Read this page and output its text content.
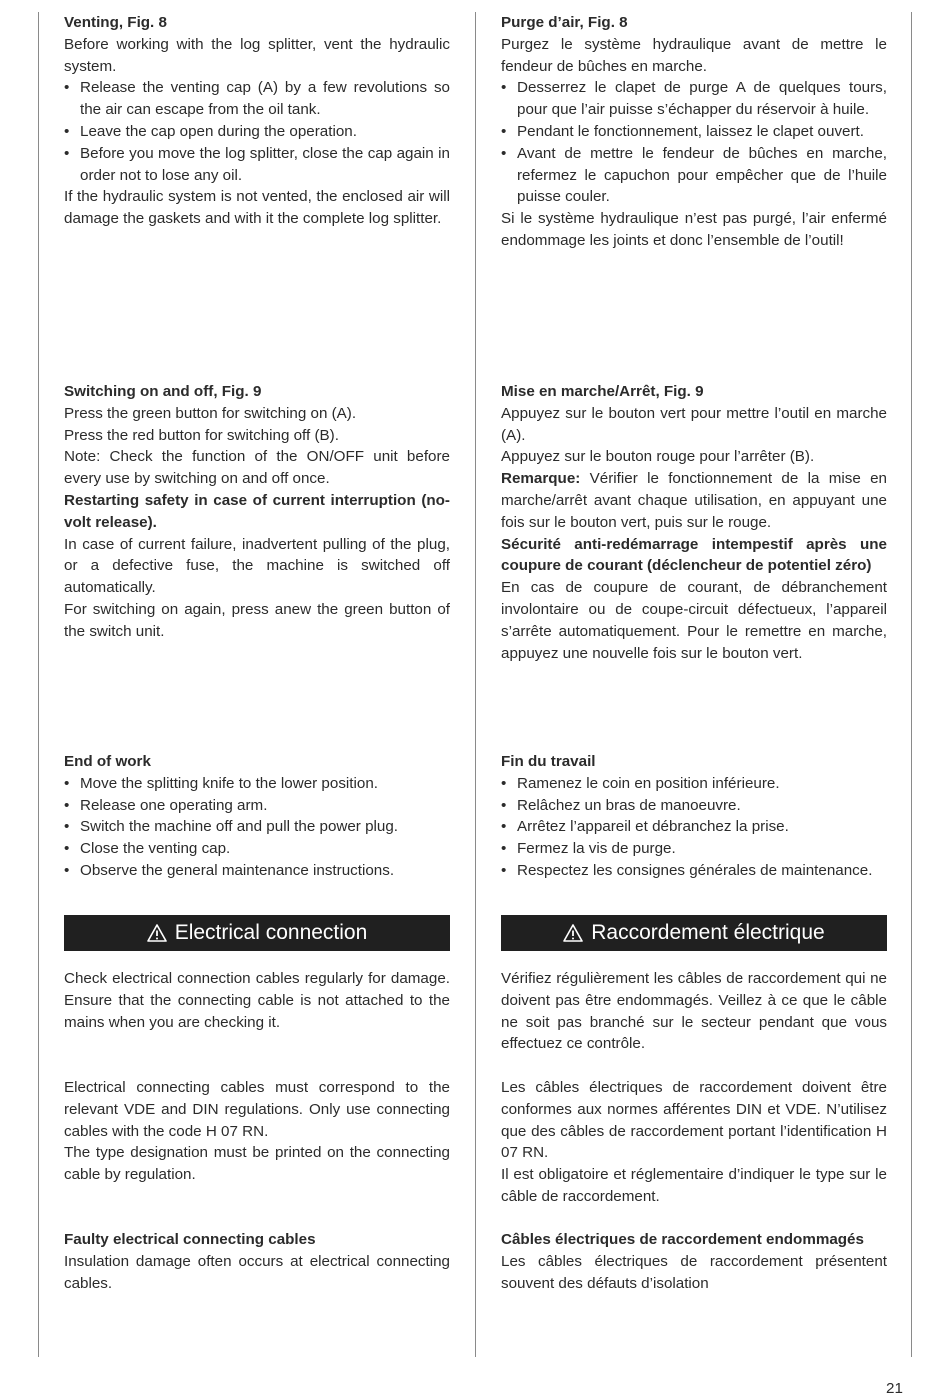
Venting, Fig. 8
Before working with the log splitter, vent the hydraulic system.
• Release the venting cap (A) by a few revolutions so the air can escape from the oil tank.
• Leave the cap open during the operation.
• Before you move the log splitter, close the cap again in order not to lose any oil.
If the hydraulic system is not vented, the enclosed air will damage the gaskets and with it the complete log splitter.
Switching on and off, Fig. 9
Press the green button for switching on (A).
Press the red button for switching off (B).
Note: Check the function of the ON/OFF unit before every use by switching on and off once.
Restarting safety in case of current interruption (no-volt release).
In case of current failure, inadvertent pulling of the plug, or a defective fuse, the machine is switched off automatically.
For switching on again, press anew the green button of the switch unit.
End of work
• Move the splitting knife to the lower position.
• Release one operating arm.
• Switch the machine off and pull the power plug.
• Close the venting cap.
• Observe the general maintenance instructions.
Electrical connection
Check electrical connection cables regularly for damage. Ensure that the connecting cable is not attached to the mains when you are checking it.
Electrical connecting cables must correspond to the relevant VDE and DIN regulations. Only use connecting cables with the code H 07 RN.
The type designation must be printed on the connecting cable by regulation.
Faulty electrical connecting cables
Insulation damage often occurs at electrical connecting cables.
Purge d’air, Fig. 8
Purgez le système hydraulique avant de mettre le fendeur de bûches en marche.
• Desserrez le clapet de purge A de quelques tours, pour que l’air puisse s’échapper du réservoir à huile.
• Pendant le fonctionnement, laissez le clapet ouvert.
• Avant de mettre le fendeur de bûches en marche, refermez le capuchon pour empêcher que de l’huile puisse couler.
Si le système hydraulique n’est pas purgé, l’air enfermé endommage les joints et donc l’ensemble de l’outil!
Mise en marche/Arrêt, Fig. 9
Appuyez sur le bouton vert pour mettre l’outil en marche (A).
Appuyez sur le bouton rouge pour l’arrêter (B).
Remarque: Vérifier le fonctionnement de la mise en marche/arrêt avant chaque utilisation, en appuyant une fois sur le bouton vert, puis sur le rouge.
Sécurité anti-redémarrage intempestif après une coupure de courant (déclencheur de potentiel zéro)
En cas de coupure de courant, de débranchement involontaire ou de coupe-circuit défectueux, l’appareil s’arrête automatiquement. Pour le remettre en marche, appuyez une nouvelle fois sur le bouton vert.
Fin du travail
• Ramenez le coin en position inférieure.
• Relâchez un bras de manoeuvre.
• Arrêtez l’appareil et débranchez la prise.
• Fermez la vis de purge.
• Respectez les consignes générales de maintenance.
Raccordement électrique
Vérifiez régulièrement les câbles de raccordement qui ne doivent pas être endommagés. Veillez à ce que le câble ne soit pas branché sur le secteur pendant que vous effectuez ce contrôle.
Les câbles électriques de raccordement doivent être conformes aux normes afférentes DIN et VDE. N’utilisez que des câbles de raccordement portant l’identification H 07 RN.
Il est obligatoire et réglementaire d’indiquer le type sur le câble de raccordement.
Câbles électriques de raccordement endommagés
Les câbles électriques de raccordement présentent souvent des défauts d’isolation
21
